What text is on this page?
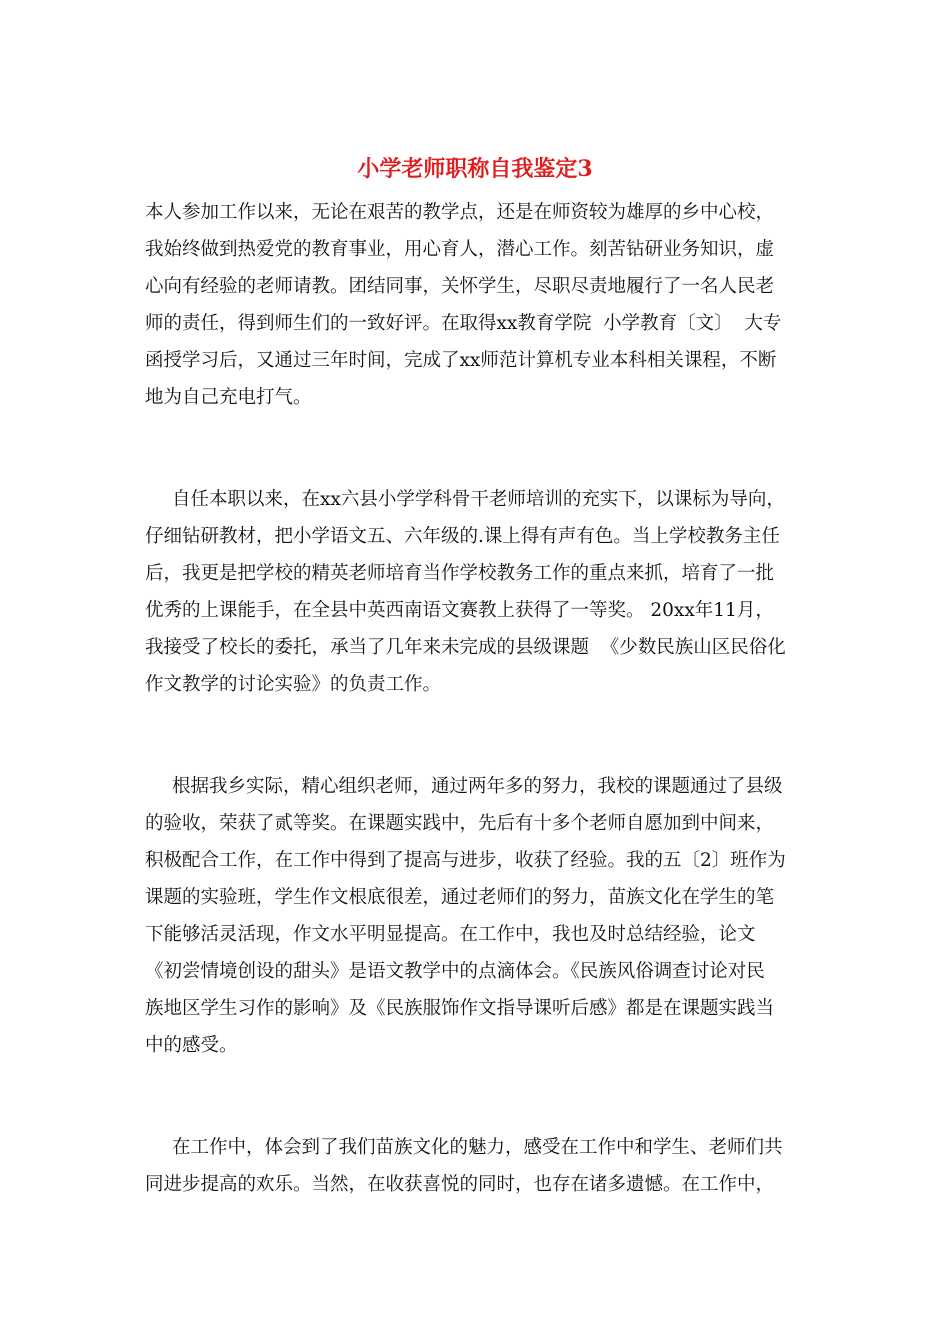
小学老师职称自我鉴定3

本人参加工作以来，无论在艰苦的教学点，还是在师资较为雄厚的乡中心校，

我始终做到热爱党的教育事业，用心育人，潜心工作。刻苦钻研业务知识，虚

心向有经验的老师请教。团结同事，关怀学生，尽职尽责地履行了一名人民老

师的责任，得到师生们的一致好评。在取得xx教育学院  小学教育〔文〕  大专

函授学习后，又通过三年时间，完成了xx师范计算机专业本科相关课程，不断

地为自己充电打气。

自任本职以来，在xx六县小学学科骨干老师培训的充实下，以课标为导向，

仔细钻研教材，把小学语文五、六年级的.课上得有声有色。当上学校教务主任

后，我更是把学校的精英老师培育当作学校教务工作的重点来抓，培育了一批

优秀的上课能手，在全县中英西南语文赛教上获得了一等奖。 20xx年11月，

我接受了校长的委托，承当了几年来未完成的县级课题  《少数民族山区民俗化

作文教学的讨论实验》的负责工作。

根据我乡实际，精心组织老师，通过两年多的努力，我校的课题通过了县级

的验收，荣获了贰等奖。在课题实践中，先后有十多个老师自愿加到中间来，

积极配合工作，在工作中得到了提高与进步，收获了经验。我的五〔2〕班作为

课题的实验班，学生作文根底很差，通过老师们的努力，苗族文化在学生的笔

下能够活灵活现，作文水平明显提高。在工作中，我也及时总结经验，论文

《初尝情境创设的甜头》是语文教学中的点滴体会。《民族风俗调查讨论对民

族地区学生习作的影响》及《民族服饰作文指导课听后感》都是在课题实践当

中的感受。

在工作中，体会到了我们苗族文化的魅力，感受在工作中和学生、老师们共

同进步提高的欢乐。当然，在收获喜悦的同时，也存在诸多遗憾。在工作中，
